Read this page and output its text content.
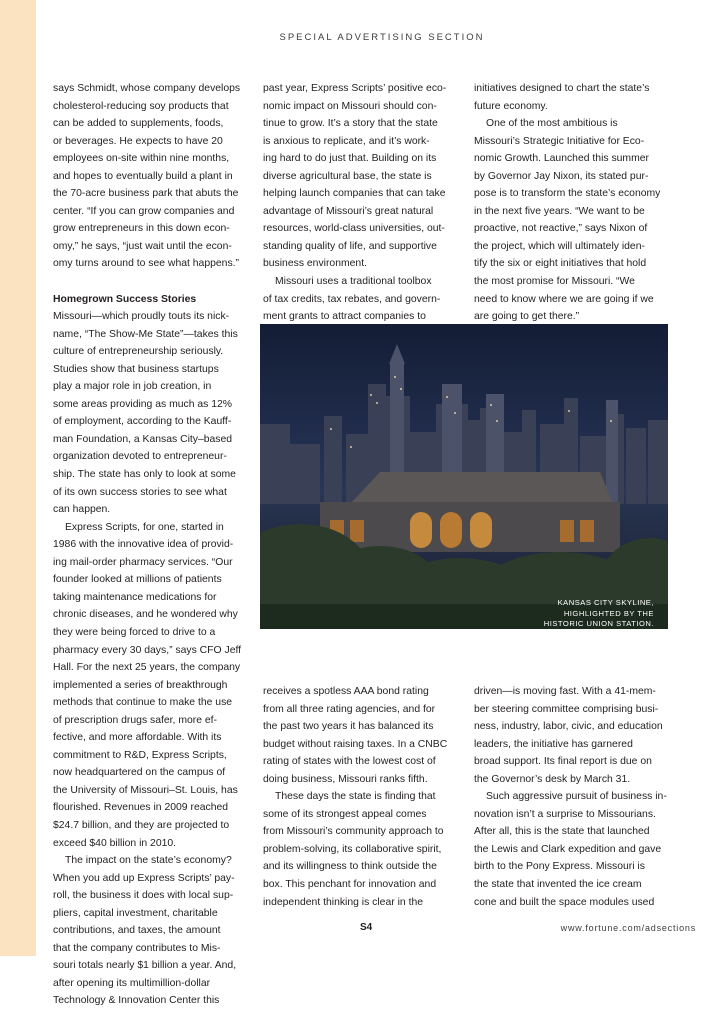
SPECIAL ADVERTISING SECTION
says Schmidt, whose company develops
cholesterol-reducing soy products that
can be added to supplements, foods,
or beverages. He expects to have 20
employees on-site within nine months,
and hopes to eventually build a plant in
the 70-acre business park that abuts the
center. “If you can grow companies and
grow entrepreneurs in this down econ-
omy,” he says, “just wait until the econ-
omy turns around to see what happens.”
Homegrown Success Stories
Missouri—which proudly touts its nick-
name, “The Show-Me State”—takes this
culture of entrepreneurship seriously.
Studies show that business startups
play a major role in job creation, in
some areas providing as much as 12%
of employment, according to the Kauff-
man Foundation, a Kansas City–based
organization devoted to entrepreneur-
ship. The state has only to look at some
of its own success stories to see what
can happen.
Express Scripts, for one, started in
1986 with the innovative idea of provid-
ing mail-order pharmacy services. “Our
founder looked at millions of patients
taking maintenance medications for
chronic diseases, and he wondered why
they were being forced to drive to a
pharmacy every 30 days,” says CFO Jeff
Hall. For the next 25 years, the company
implemented a series of breakthrough
methods that continue to make the use
of prescription drugs safer, more ef-
fective, and more affordable. With its
commitment to R&D, Express Scripts,
now headquartered on the campus of
the University of Missouri–St. Louis, has
flourished. Revenues in 2009 reached
$24.7 billion, and they are projected to
exceed $40 billion in 2010.
The impact on the state’s economy?
When you add up Express Scripts’ pay-
roll, the business it does with local sup-
pliers, capital investment, charitable
contributions, and taxes, the amount
that the company contributes to Mis-
souri totals nearly $1 billion a year. And,
after opening its multimillion-dollar
Technology & Innovation Center this
past year, Express Scripts’ positive eco-
nomic impact on Missouri should con-
tinue to grow. It’s a story that the state
is anxious to replicate, and it’s work-
ing hard to do just that. Building on its
diverse agricultural base, the state is
helping launch companies that can take
advantage of Missouri’s great natural
resources, world-class universities, out-
standing quality of life, and supportive
business environment.
Missouri uses a traditional toolbox
of tax credits, tax rebates, and govern-
ment grants to attract companies to
initiatives designed to chart the state’s
future economy.
One of the most ambitious is
Missouri’s Strategic Initiative for Eco-
nomic Growth. Launched this summer
by Governor Jay Nixon, its stated pur-
pose is to transform the state’s economy
in the next five years. “We want to be
proactive, not reactive,” says Nixon of
the project, which will ultimately iden-
tify the six or eight initiatives that hold
the most promise for Missouri. “We
need to know where we are going if we
are going to get there.”
KANSAS CITY SKYLINE,
HIGHLIGHTED BY THE
HISTORIC UNION STATION.
receives a spotless AAA bond rating
from all three rating agencies, and for
the past two years it has balanced its
budget without raising taxes. In a CNBC
rating of states with the lowest cost of
doing business, Missouri ranks fifth.
These days the state is finding that
some of its strongest appeal comes
from Missouri’s community approach to
problem-solving, its collaborative spirit,
and its willingness to think outside the
box. This penchant for innovation and
independent thinking is clear in the
driven—is moving fast. With a 41-mem-
ber steering committee comprising busi-
ness, industry, labor, civic, and education
leaders, the initiative has garnered
broad support. Its final report is due on
the Governor’s desk by March 31.
Such aggressive pursuit of business in-
novation isn’t a surprise to Missourians.
After all, this is the state that launched
the Lewis and Clark expedition and gave
birth to the Pony Express. Missouri is
the state that invented the ice cream
cone and built the space modules used
S4	www.fortune.com/adsections
